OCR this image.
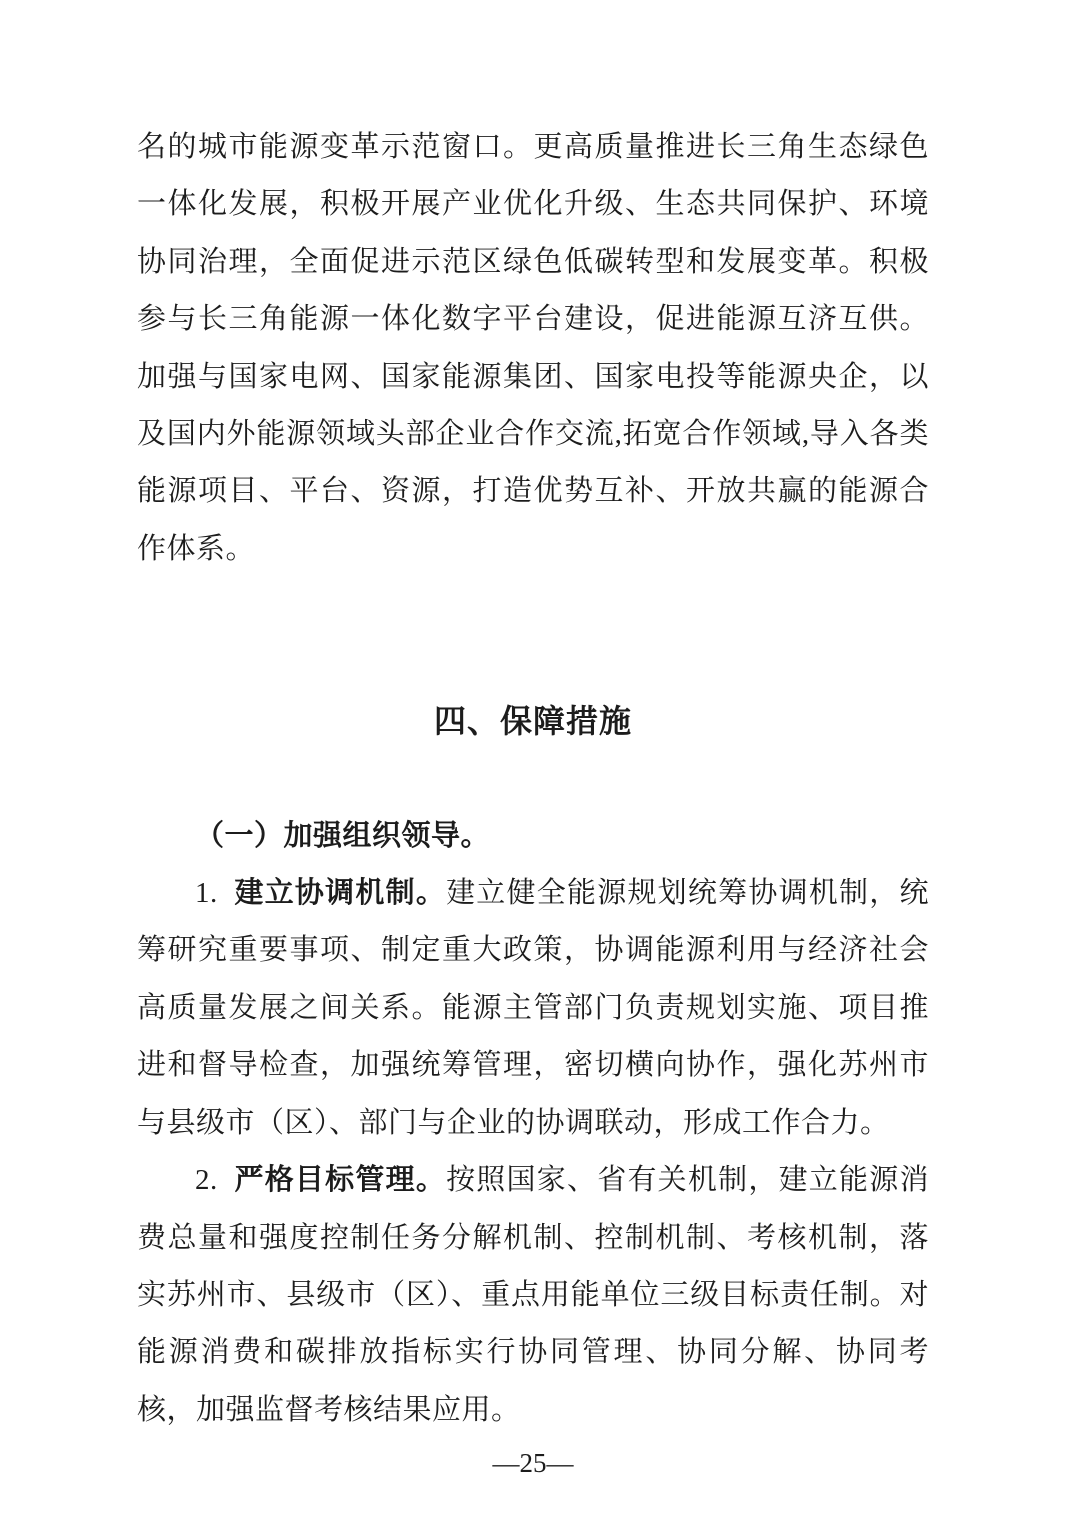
名的城市能源变革示范窗口。更高质量推进长三角生态绿色一体化发展，积极开展产业优化升级、生态共同保护、环境协同治理，全面促进示范区绿色低碳转型和发展变革。积极参与长三角能源一体化数字平台建设，促进能源互济互供。加强与国家电网、国家能源集团、国家电投等能源央企，以及国内外能源领域头部企业合作交流,拓宽合作领域,导入各类能源项目、平台、资源，打造优势互补、开放共赢的能源合作体系。

四、保障措施

（一）加强组织领导。

1. 建立协调机制。建立健全能源规划统筹协调机制，统筹研究重要事项、制定重大政策，协调能源利用与经济社会高质量发展之间关系。能源主管部门负责规划实施、项目推进和督导检查，加强统筹管理，密切横向协作，强化苏州市与县级市（区）、部门与企业的协调联动，形成工作合力。

2. 严格目标管理。按照国家、省有关机制，建立能源消费总量和强度控制任务分解机制、控制机制、考核机制，落实苏州市、县级市（区）、重点用能单位三级目标责任制。对能源消费和碳排放指标实行协同管理、协同分解、协同考核，加强监督考核结果应用。

—25—
